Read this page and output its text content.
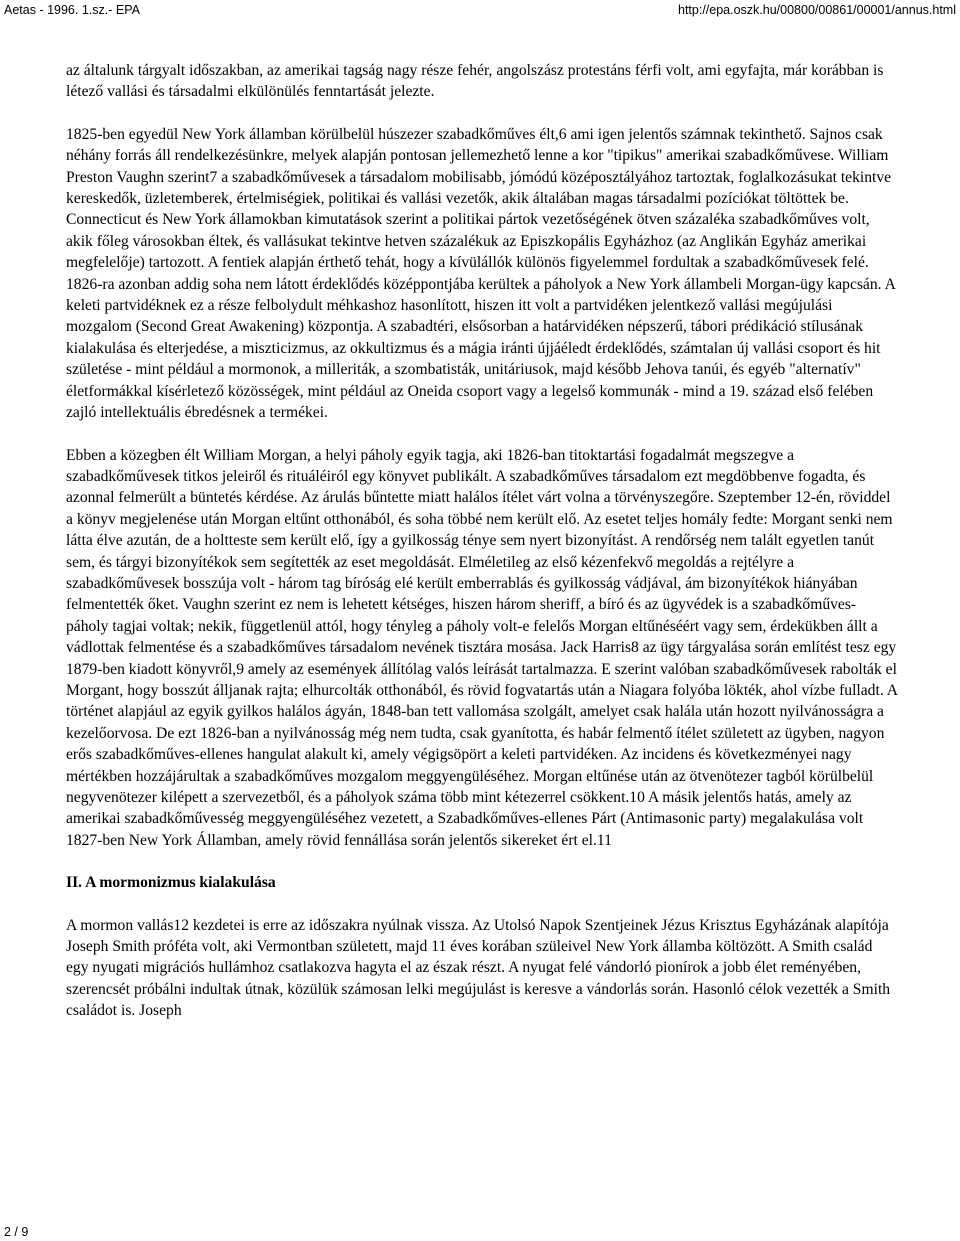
Aetas - 1996. 1.sz.- EPA	http://epa.oszk.hu/00800/00861/00001/annus.html

az általunk tárgyalt időszakban, az amerikai tagság nagy része fehér, angolszász protestáns férfi volt, ami egyfajta, már korábban is létező vallási és társadalmi elkülönülés fenntartását jelezte.

1825-ben egyedül New York államban körülbelül húszezer szabadkőműves élt,6 ami igen jelentős számnak tekinthető. Sajnos csak néhány forrás áll rendelkezésünkre, melyek alapján pontosan jellemezhető lenne a kor "tipikus" amerikai szabadkőművese. William Preston Vaughn szerint7 a szabadkőművesek a társadalom mobilisabb, jómódú középosztályához tartoztak, foglalkozásukat tekintve kereskedők, üzletemberek, értelmiségiek, politikai és vallási vezetők, akik általában magas társadalmi pozíciókat töltöttek be. Connecticut és New York államokban kimutatások szerint a politikai pártok vezetőségének ötven százaléka szabadkőműves volt, akik főleg városokban éltek, és vallásukat tekintve hetven százalékuk az Episzkopális Egyházhoz (az Anglikán Egyház amerikai megfelelője) tartozott. A fentiek alapján érthető tehát, hogy a kívülállók különös figyelemmel fordultak a szabadkőművesek felé. 1826-ra azonban addig soha nem látott érdeklődés középpontjába kerültek a páholyok a New York állambeli Morgan-ügy kapcsán. A keleti partvidéknek ez a része felbolydult méhkashoz hasonlított, hiszen itt volt a partvidéken jelentkező vallási megújulási mozgalom (Second Great Awakening) központja. A szabadtéri, elsősorban a határvidéken népszerű, tábori prédikáció stílusának kialakulása és elterjedése, a miszticizmus, az okkultizmus és a mágia iránti újjáéledt érdeklődés, számtalan új vallási csoport és hit születése - mint például a mormonok, a milleriták, a szombatisták, unitáriusok, majd később Jehova tanúi, és egyéb "alternatív" életformákkal kísérletező közösségek, mint például az Oneida csoport vagy a legelső kommunák - mind a 19. század első felében zajló intellektuális ébredésnek a termékei.

Ebben a közegben élt William Morgan, a helyi páholy egyik tagja, aki 1826-ban titoktartási fogadalmát megszegve a szabadkőművesek titkos jeleiről és rituáléiról egy könyvet publikált. A szabadkőműves társadalom ezt megdöbbenve fogadta, és azonnal felmerült a büntetés kérdése. Az árulás bűntette miatt halálos ítélet várt volna a törvényszegőre. Szeptember 12-én, röviddel a könyv megjelenése után Morgan eltűnt otthonából, és soha többé nem került elő. Az esetet teljes homály fedte: Morgant senki nem látta élve azután, de a holtteste sem került elő, így a gyilkosság ténye sem nyert bizonyítást. A rendőrség nem talált egyetlen tanút sem, és tárgyi bizonyítékok sem segítették az eset megoldását. Elméletileg az első kézenfekvő megoldás a rejtélyre a szabadkőművesek bosszúja volt - három tag bíróság elé került emberrablás és gyilkosság vádjával, ám bizonyítékok hiányában felmentették őket. Vaughn szerint ez nem is lehetett kétséges, hiszen három sheriff, a bíró és az ügyvédek is a szabadkőműves-páholy tagjai voltak; nekik, függetlenül attól, hogy tényleg a páholy volt-e felelős Morgan eltűnéséért vagy sem, érdekükben állt a vádlottak felmentése és a szabadkőműves társadalom nevének tisztára mosása. Jack Harris8 az ügy tárgyalása során említést tesz egy 1879-ben kiadott könyvről,9 amely az események állítólag valós leírását tartalmazza. E szerint valóban szabadkőművesek rabolták el Morgant, hogy bosszút álljanak rajta; elhurcolták otthonából, és rövid fogvatartás után a Niagara folyóba lökték, ahol vízbe fulladt. A történet alapjául az egyik gyilkos halálos ágyán, 1848-ban tett vallomása szolgált, amelyet csak halála után hozott nyilvánosságra a kezelőorvosa. De ezt 1826-ban a nyilvánosság még nem tudta, csak gyanította, és habár felmentő ítélet született az ügyben, nagyon erős szabadkőműves-ellenes hangulat alakult ki, amely végigsöpört a keleti partvidéken. Az incidens és következményei nagy mértékben hozzájárultak a szabadkőműves mozgalom meggyengüléséhez. Morgan eltűnése után az ötvenötezer tagból körülbelül negyvenötezer kilépett a szervezetből, és a páholyok száma több mint kétezerrel csökkent.10 A másik jelentős hatás, amely az amerikai szabadkőművesség meggyengüléséhez vezetett, a Szabadkőműves-ellenes Párt (Antimasonic party) megalakulása volt 1827-ben New York Államban, amely rövid fennállása során jelentős sikereket ért el.11

II. A mormonizmus kialakulása

A mormon vallás12 kezdetei is erre az időszakra nyúlnak vissza. Az Utolsó Napok Szentjeinek Jézus Krisztus Egyházának alapítója Joseph Smith próféta volt, aki Vermontban született, majd 11 éves korában szüleivel New York államba költözött. A Smith család egy nyugati migrációs hullámhoz csatlakozva hagyta el az észak részt. A nyugat felé vándorló pionírok a jobb élet reményében, szerencsét próbálni indultak útnak, közülük számosan lelki megújulást is keresve a vándorlás során. Hasonló célok vezették a Smith családot is. Joseph

2 / 9
